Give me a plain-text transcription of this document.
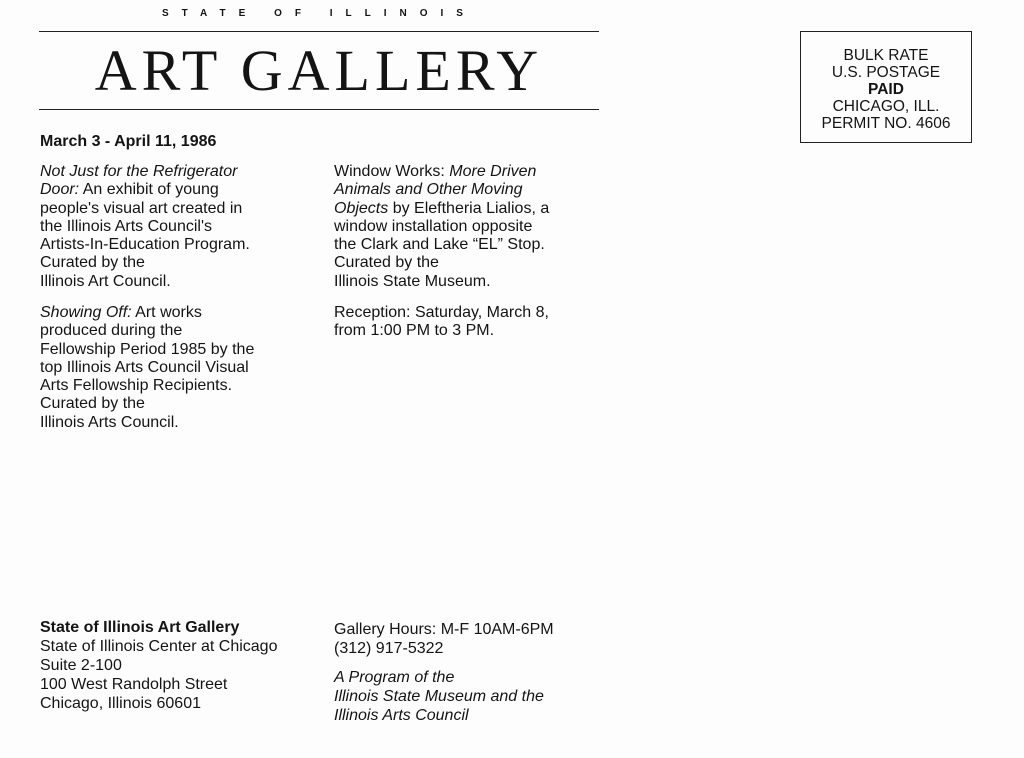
STATE OF ILLINOIS
ART GALLERY	BULK RATE
U.S. POSTAGE
PAID
CHICAGO, ILL.
PERMIT NO. 4606
March 3 - April 11, 1986

Not Just for the Refrigerator

Door: An exhibit of young

people's visual art created in

the Illinois Arts Council's

Artists-In-Education Program.

Curated by the

Illinois Art Council.

Showing Off: Art works

produced during the

Fellowship Period 1985 by the

top Illinois Arts Council Visual

Arts Fellowship Recipients.

Curated by the

Illinois Arts Council.

Window Works: More Driven

Animals and Other Moving

Objects by Eleftheria Lialios, a

window installation opposite

the Clark and Lake “EL” Stop.

Curated by the

Illinois State Museum.

Reception: Saturday, March 8,

from 1:00 PM to 3 PM.

State of Illinois Art Gallery

State of Illinois Center at Chicago

Suite 2-100

100 West Randolph Street

Chicago, Illinois 60601

Gallery Hours: M-F 10AM-6PM

(312) 917-5322

A Program of the

Illinois State Museum and the

Illinois Arts Council
